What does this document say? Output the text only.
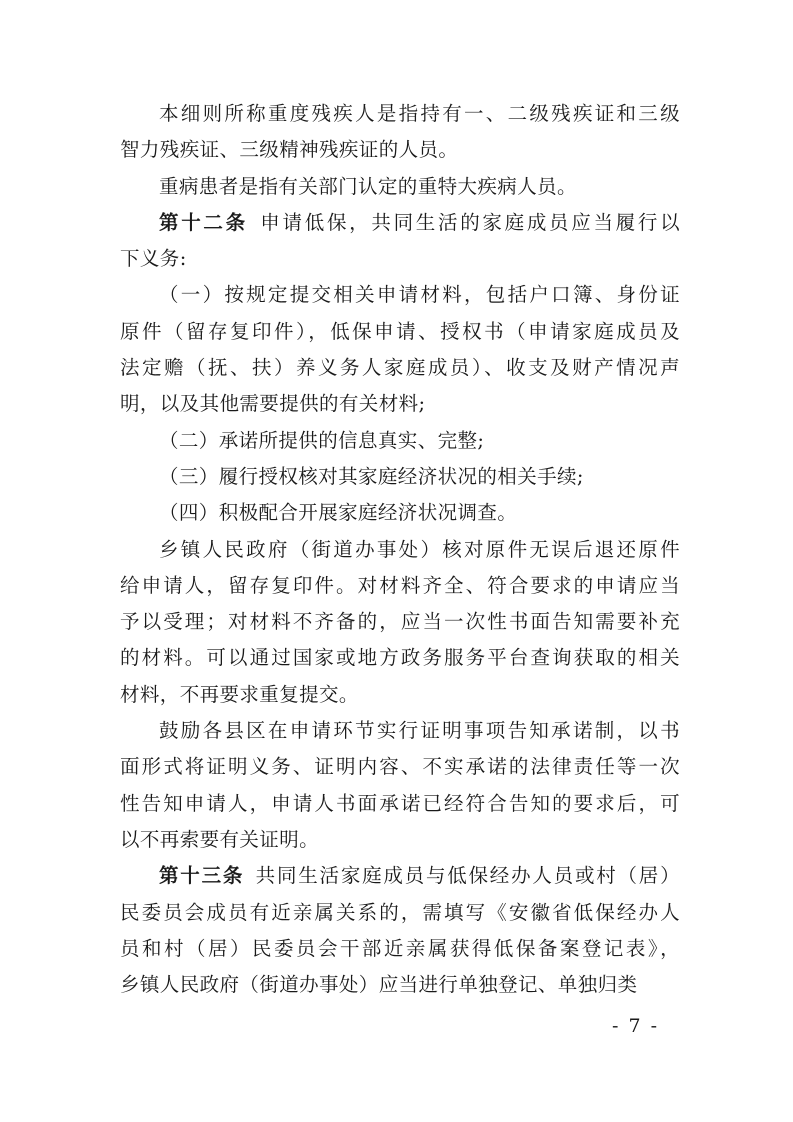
本细则所称重度残疾人是指持有一、二级残疾证和三级
智力残疾证、三级精神残疾证的人员。
重病患者是指有关部门认定的重特大疾病人员。
第十二条  申请低保，共同生活的家庭成员应当履行以
下义务:
（一）按规定提交相关申请材料，包括户口簿、身份证
原件（留存复印件），低保申请、授权书（申请家庭成员及
法定赡（抚、扶）养义务人家庭成员）、收支及财产情况声
明，以及其他需要提供的有关材料;
（二）承诺所提供的信息真实、完整;
（三）履行授权核对其家庭经济状况的相关手续;
（四）积极配合开展家庭经济状况调查。
乡镇人民政府（街道办事处）核对原件无误后退还原件
给申请人，留存复印件。对材料齐全、符合要求的申请应当
予以受理；对材料不齐备的，应当一次性书面告知需要补充
的材料。可以通过国家或地方政务服务平台查询获取的相关
材料，不再要求重复提交。
鼓励各县区在申请环节实行证明事项告知承诺制，以书
面形式将证明义务、证明内容、不实承诺的法律责任等一次
性告知申请人，申请人书面承诺已经符合告知的要求后，可
以不再索要有关证明。
第十三条  共同生活家庭成员与低保经办人员或村（居）
民委员会成员有近亲属关系的，需填写《安徽省低保经办人
员和村（居）民委员会干部近亲属获得低保备案登记表》，
乡镇人民政府（街道办事处）应当进行单独登记、单独归类
- 7 -
